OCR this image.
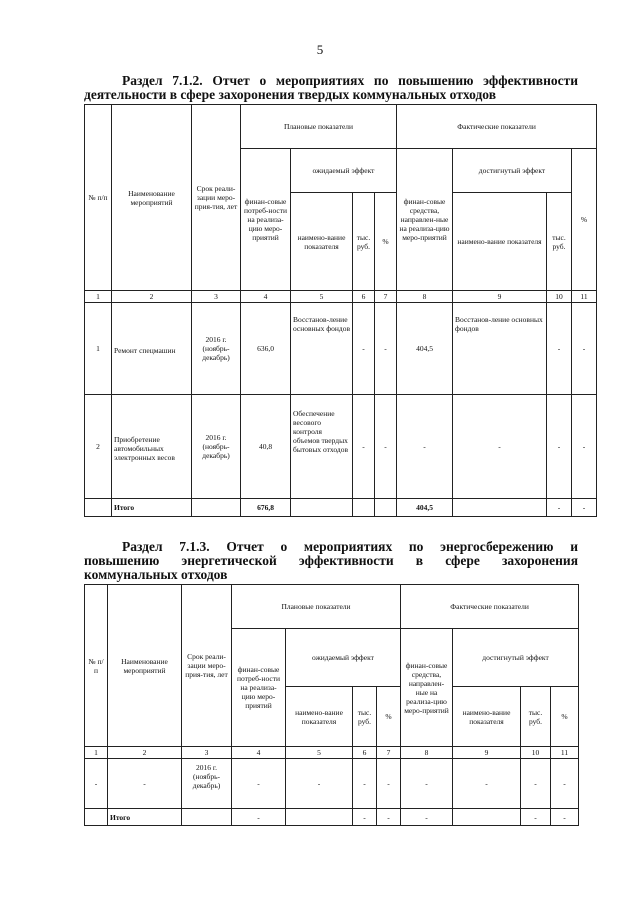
5
Раздел 7.1.2. Отчет о мероприятиях по повышению эффективности
деятельности в сфере захоронения твердых коммунальных отходов
№ п/п	Наименование мероприятий	Срок реали-зации меро-прия-тия, лет	Плановые показатели				Фактические показатели			
			финан-совые потреб-ности на реализа-цию меро-приятий	ожидаемый эффект			финан-совые средства, направлен-ные на реализа-цию меро-приятий	достигнутый эффект		%
				наимено-вание показателя	тыс. руб.	%		наимено-вание показателя	тыс. руб.	
1	2	3	4	5	6	7	8	9	10	11
1	Ремонт спецмашин	2016 г. (ноябрь-декабрь)	636,0	Восстанов-ление основных фондов	-	-	404,5	Восстанов-ление основных фондов	-	-
2	Приобретение автомобильных электронных весов	2016 г. (ноябрь-декабрь)	40,8	Обеспечение весового контроля объемов твердых бытовых отходов	-	-	-	-	-	-
	Итого		676,8				404,5		-	-
Раздел 7.1.3. Отчет о мероприятиях по энергосбережению и
повышению энергетической эффективности в сфере захоронения
коммунальных отходов
№ п/п	Наименование мероприятий	Срок реали-зации меро-прия-тия, лет	Плановые показатели				Фактические показатели			
			финан-совые потреб-ности на реализа-цию меро-приятий	ожидаемый эффект			финан-совые средства, направлен-ные на реализа-цию меро-приятий	достигнутый эффект		
				наимено-вание показателя	тыс. руб.	%		наимено-вание показателя	тыс. руб.	%
1	2	3	4	5	6	7	8	9	10	11
-	-	2016 г. (ноябрь-декабрь)	-	-	-	-	-	-	-	-
	Итого		-		-	-	-		-	-
